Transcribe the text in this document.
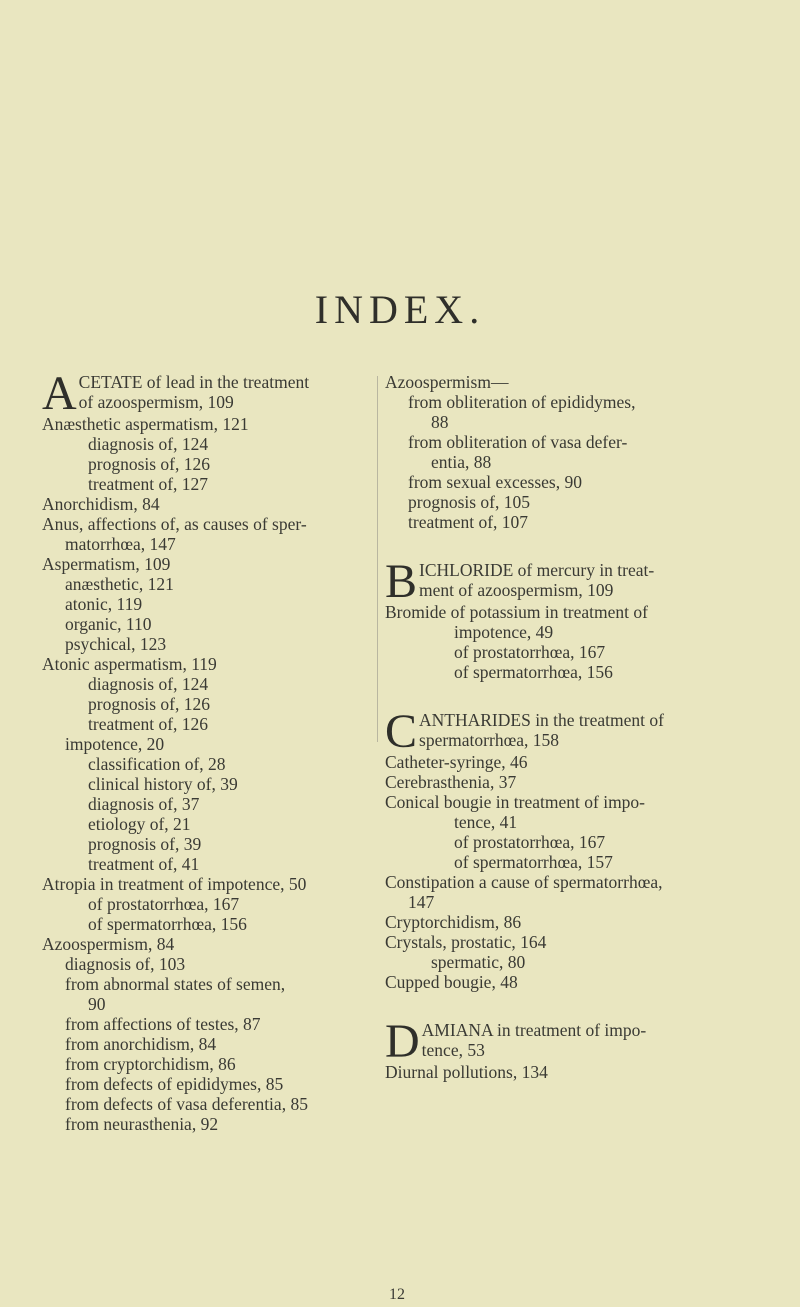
INDEX.
A CETATE of lead in the treatment
of azoospermism, 109
Anæsthetic aspermatism, 121
diagnosis of, 124
prognosis of, 126
treatment of, 127
Anorchidism, 84
Anus, affections of, as causes of sper-
matorrhœa, 147
Aspermatism, 109
anæsthetic, 121
atonic, 119
organic, 110
psychical, 123
Atonic aspermatism, 119
diagnosis of, 124
prognosis of, 126
treatment of, 126
impotence, 20
classification of, 28
clinical history of, 39
diagnosis of, 37
etiology of, 21
prognosis of, 39
treatment of, 41
Atropia in treatment of impotence, 50
of prostatorrhœa, 167
of spermatorrhœa, 156
Azoospermism, 84
diagnosis of, 103
from abnormal states of semen,
90
from affections of testes, 87
from anorchidism, 84
from cryptorchidism, 86
from defects of epididymes, 85
from defects of vasa deferentia, 85
from neurasthenia, 92
Azoospermism—
from obliteration of epididymes,
88
from obliteration of vasa defer-
entia, 88
from sexual excesses, 90
prognosis of, 105
treatment of, 107
B ICHLORIDE of mercury in treat-
ment of azoospermism, 109
Bromide of potassium in treatment of
impotence, 49
of prostatorrhœa, 167
of spermatorrhœa, 156
C ANTHARIDES in the treatment of
spermatorrhœa, 158
Catheter-syringe, 46
Cerebrasthenia, 37
Conical bougie in treatment of impo-
tence, 41
of prostatorrhœa, 167
of spermatorrhœa, 157
Constipation a cause of spermatorrhœa,
147
Cryptorchidism, 86
Crystals, prostatic, 164
spermatic, 80
Cupped bougie, 48
D AMIANA in treatment of impo-
tence, 53
Diurnal pollutions, 134
12
